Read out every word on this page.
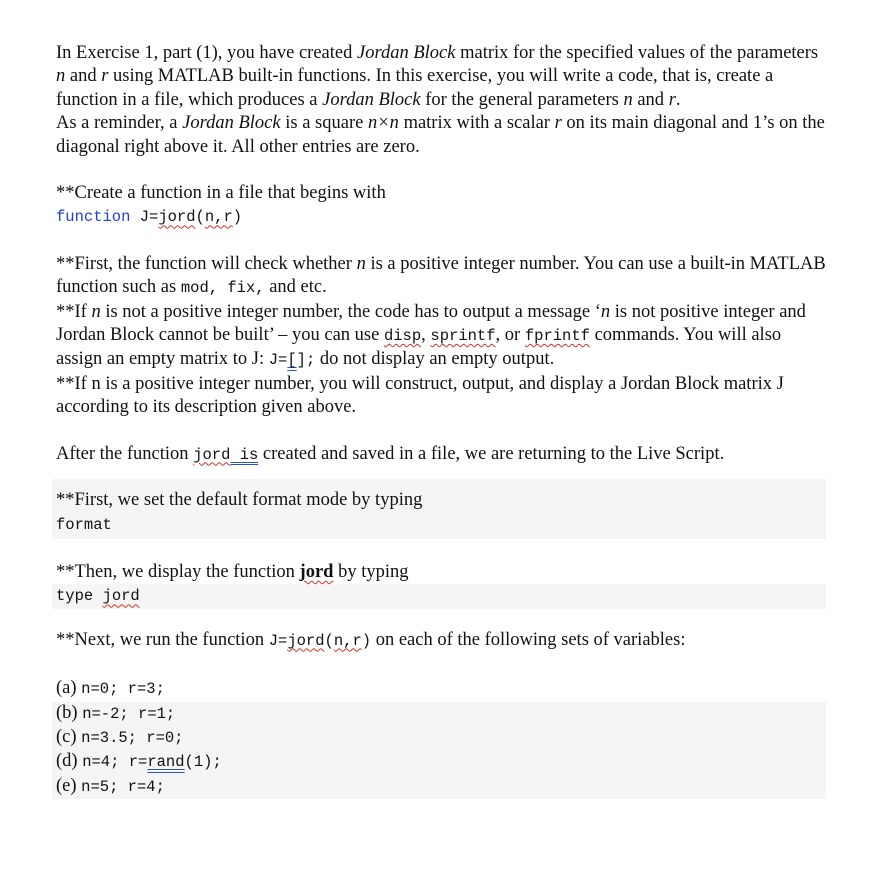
In Exercise 1, part (1), you have created Jordan Block matrix for the specified values of the parameters n and r using MATLAB built-in functions. In this exercise, you will write a code, that is, create a function in a file, which produces a Jordan Block for the general parameters n and r.

As a reminder, a Jordan Block is a square n×n matrix with a scalar r on its main diagonal and 1’s on the diagonal right above it. All other entries are zero.

**Create a function in a file that begins with

function J=jord(n,r)

**First, the function will check whether n is a positive integer number. You can use a built-in MATLAB function such as mod, fix, and etc.

**If n is not a positive integer number, the code has to output a message ‘n is not positive integer and Jordan Block cannot be built’ – you can use disp, sprintf, or fprintf commands. You will also assign an empty matrix to J: J=[]; do not display an empty output.

**If n is a positive integer number, you will construct, output, and display a Jordan Block matrix J according to its description given above.

After the function jord is created and saved in a file, we are returning to the Live Script.

**First, we set the default format mode by typing

format

**Then, we display the function jord by typing

type jord

**Next, we run the function J=jord(n,r) on each of the following sets of variables:

(a) n=0; r=3;
(b) n=-2; r=1;
(c) n=3.5; r=0;
(d) n=4; r=rand(1);
(e) n=5; r=4;
